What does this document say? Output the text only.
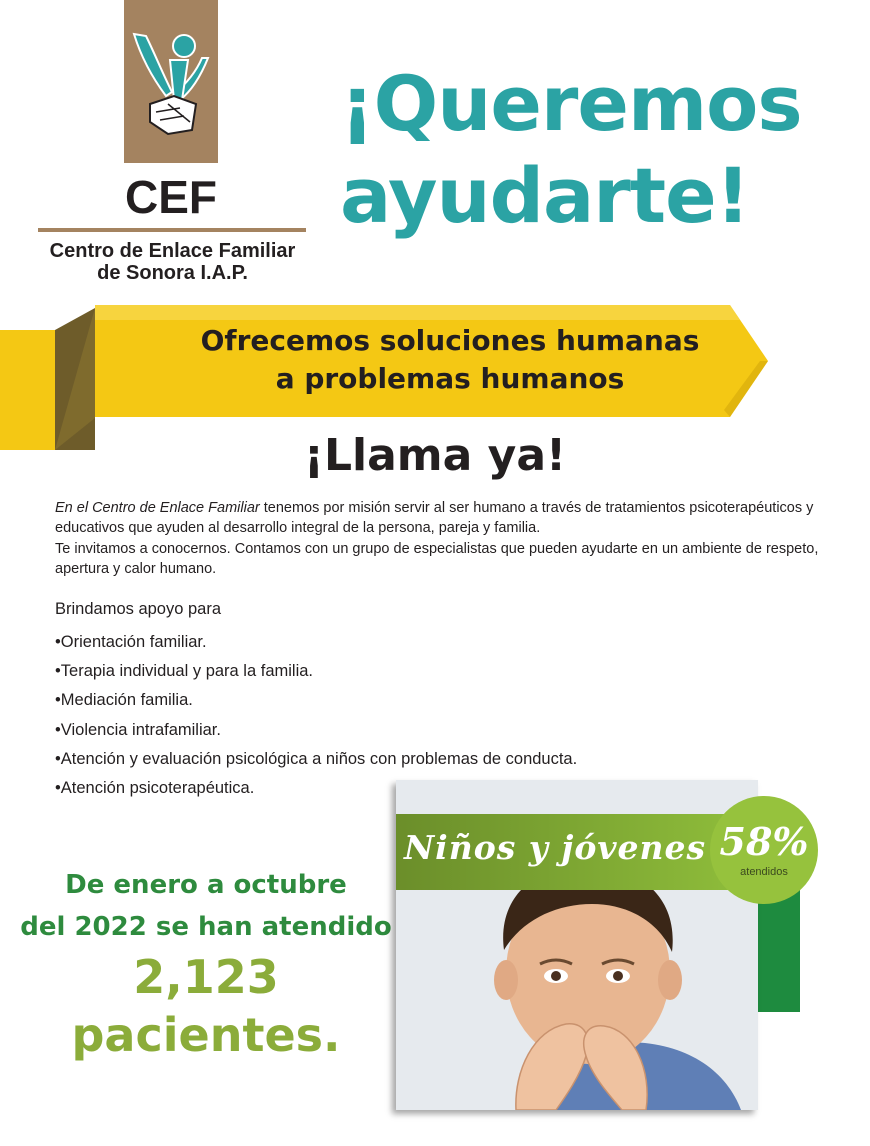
CEF
Centro de Enlace Familiar
de Sonora I.A.P.
¡Queremos
ayudarte!
Ofrecemos soluciones humanas
a problemas humanos
¡Llama ya!
En el Centro de Enlace Familiar tenemos por misión servir al ser humano a través de tratamientos psicoterapéuticos y educativos que ayuden al desarrollo integral de la persona, pareja y familia.
Te invitamos a conocernos. Contamos con un grupo de especialistas que pueden ayudarte en un ambiente de respeto, apertura y calor humano.
Brindamos apoyo para
• Orientación familiar.
• Terapia individual y para la familia.
• Mediación familia.
• Violencia intrafamiliar.
• Atención y evaluación psicológica a niños con problemas de conducta.
• Atención psicoterapéutica.
De enero a octubre
del 2022 se han atendido
2,123 pacientes.
Niños y jóvenes 58%
atendidos
